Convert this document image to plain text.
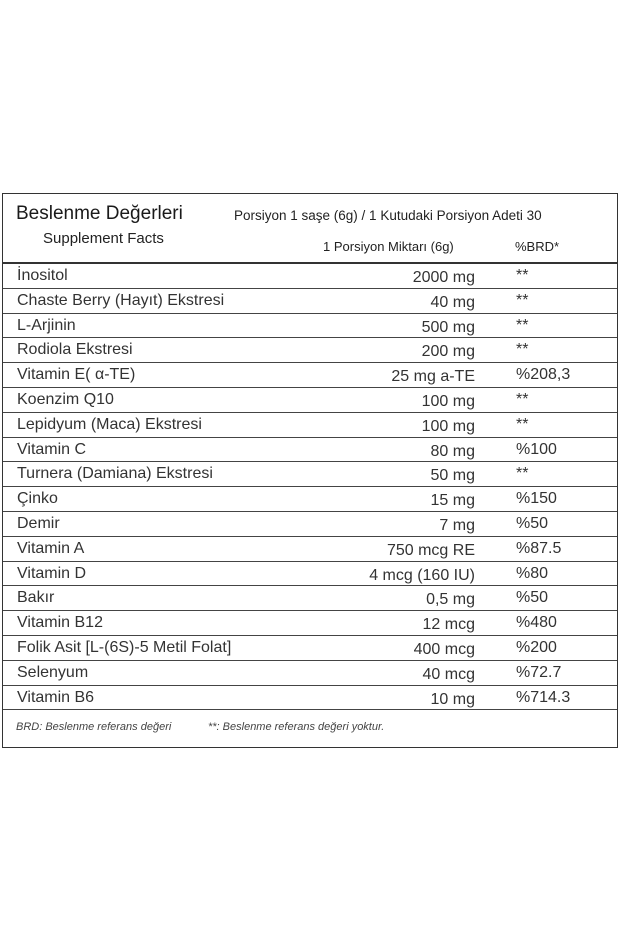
Beslenme Değerleri
Supplement Facts
Porsiyon 1 saşe (6g) / 1 Kutudaki Porsiyon Adeti 30
1 Porsiyon Miktarı (6g)	%BRD*
İnositol	2000 mg	**
Chaste Berry (Hayıt) Ekstresi	40 mg	**
L-Arjinin	500 mg	**
Rodiola Ekstresi	200 mg	**
Vitamin E( α-TE)	25 mg a-TE	%208,3
Koenzim Q10	100 mg	**
Lepidyum (Maca) Ekstresi	100 mg	**
Vitamin C	80 mg	%100
Turnera (Damiana) Ekstresi	50 mg	**
Çinko	15 mg	%150
Demir	7 mg	%50
Vitamin A	750 mcg RE	%87.5
Vitamin D	4 mcg (160 IU)	%80
Bakır	0,5 mg	%50
Vitamin B12	12 mcg	%480
Folik Asit [L-(6S)-5 Metil Folat]	400 mcg	%200
Selenyum	40 mcg	%72.7
Vitamin B6	10 mg	%714.3
BRD: Beslenme referans değeri	**: Beslenme referans değeri yoktur.
